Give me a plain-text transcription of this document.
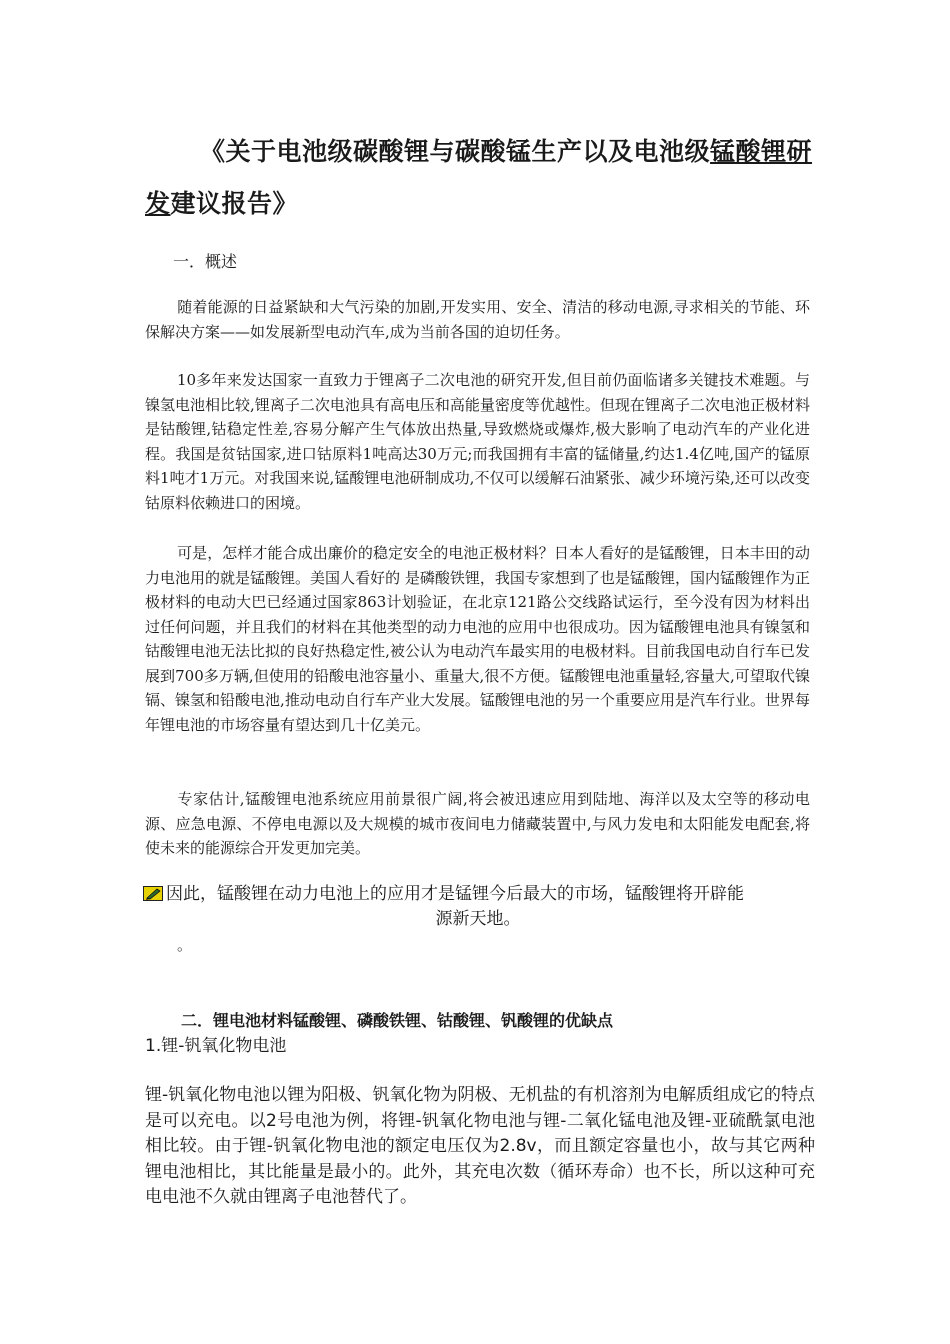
《关于电池级碳酸锂与碳酸锰生产以及电池级锰酸锂研发建议报告》
一．概述

随着能源的日益紧缺和大气污染的加剧,开发实用、安全、清洁的移动电源,寻求相关的节能、环保解决方案——如发展新型电动汽车,成为当前各国的迫切任务。

10多年来发达国家一直致力于锂离子二次电池的研究开发,但目前仍面临诸多关键技术难题。与镍氢电池相比较,锂离子二次电池具有高电压和高能量密度等优越性。但现在锂离子二次电池正极材料是钴酸锂,钴稳定性差,容易分解产生气体放出热量,导致燃烧或爆炸,极大影响了电动汽车的产业化进程。我国是贫钴国家,进口钴原料1吨高达30万元;而我国拥有丰富的锰储量,约达1.4亿吨,国产的锰原料1吨才1万元。对我国来说,锰酸锂电池研制成功,不仅可以缓解石油紧张、减少环境污染,还可以改变钴原料依赖进口的困境。

可是，怎样才能合成出廉价的稳定安全的电池正极材料？日本人看好的是锰酸锂，日本丰田的动力电池用的就是锰酸锂。美国人看好的 是磷酸铁锂，我国专家想到了也是锰酸锂，国内锰酸锂作为正极材料的电动大巴已经通过国家863计划验证，在北京121路公交线路试运行，至今没有因为材料出过任何问题，并且我们的材料在其他类型的动力电池的应用中也很成功。因为锰酸锂电池具有镍氢和钴酸锂电池无法比拟的良好热稳定性,被公认为电动汽车最实用的电极材料。目前我国电动自行车已发展到700多万辆,但使用的铅酸电池容量小、重量大,很不方便。锰酸锂电池重量轻,容量大,可望取代镍镉、镍氢和铅酸电池,推动电动自行车产业大发展。锰酸锂电池的另一个重要应用是汽车行业。世界每年锂电池的市场容量有望达到几十亿美元。

专家估计,锰酸锂电池系统应用前景很广阔,将会被迅速应用到陆地、海洋以及太空等的移动电源、应急电源、不停电电源以及大规模的城市夜间电力储藏装置中,与风力发电和太阳能发电配套,将使未来的能源综合开发更加完美。

因此，锰酸锂在动力电池上的应用才是锰锂今后最大的市场，锰酸锂将开辟能
源新天地。
。
二．锂电池材料锰酸锂、磷酸铁锂、钴酸锂、钒酸锂的优缺点
1.锂-钒氧化物电池

锂-钒氧化物电池以锂为阳极、钒氧化物为阴极、无机盐的有机溶剂为电解质组成它的特点是可以充电。以2号电池为例，将锂-钒氧化物电池与锂-二氧化锰电池及锂-亚硫酰氯电池相比较。由于锂-钒氧化物电池的额定电压仅为2.8v，而且额定容量也小，故与其它两种锂电池相比，其比能量是最小的。此外，其充电次数（循环寿命）也不长，所以这种可充电电池不久就由锂离子电池替代了。
